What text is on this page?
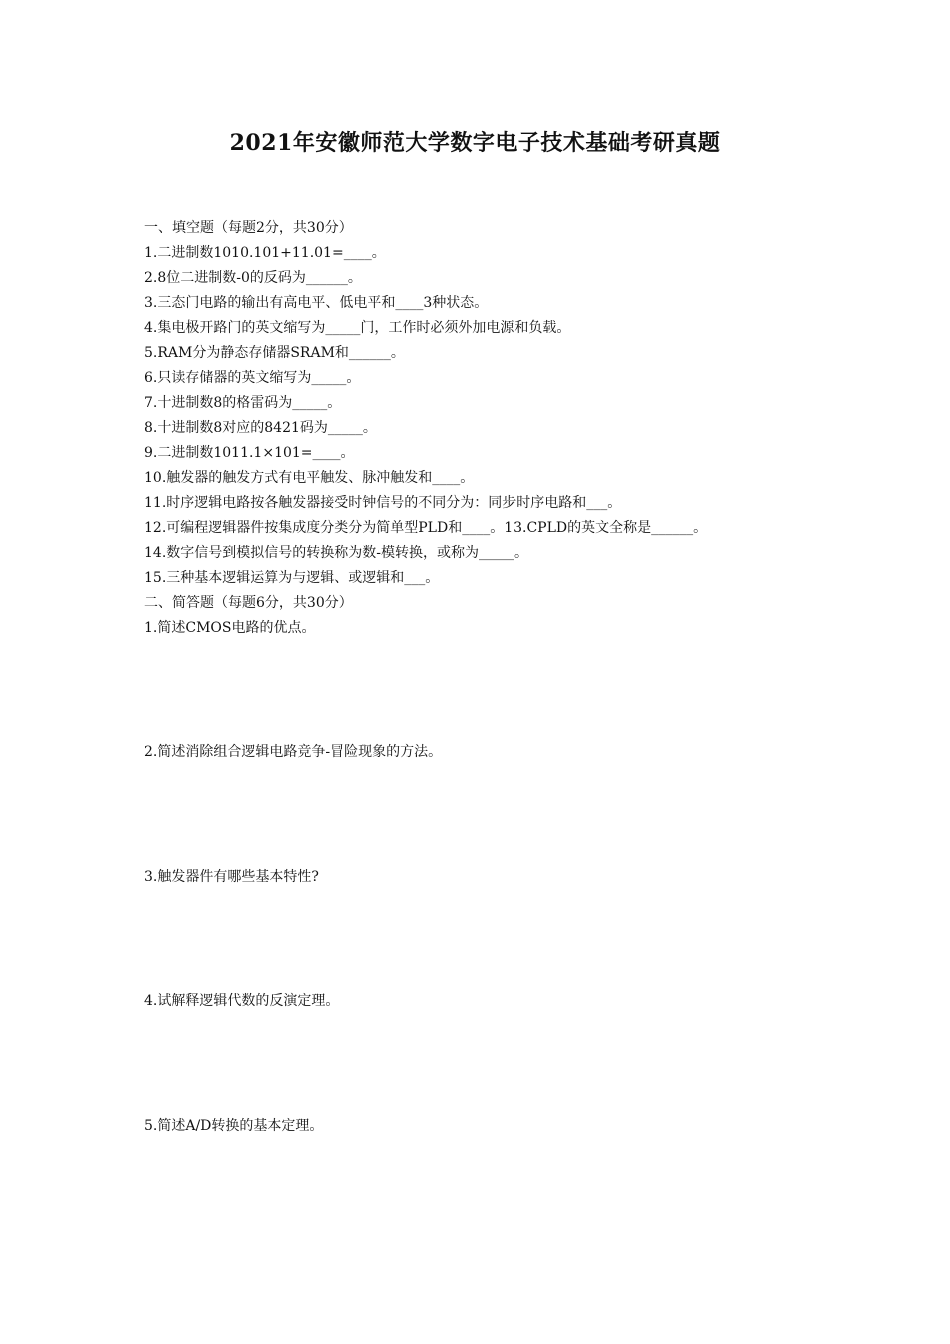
2021年安徽师范大学数字电子技术基础考研真题
一、填空题（每题2分，共30分）
1.二进制数1010.101+11.01=____。
2.8位二进制数-0的反码为______。
3.三态门电路的输出有高电平、低电平和____3种状态。
4.集电极开路门的英文缩写为_____门，工作时必须外加电源和负载。
5.RAM分为静态存储器SRAM和______。
6.只读存储器的英文缩写为_____。
7.十进制数8的格雷码为_____。
8.十进制数8对应的8421码为_____。
9.二进制数1011.1×101=____。
10.触发器的触发方式有电平触发、脉冲触发和____。
11.时序逻辑电路按各触发器接受时钟信号的不同分为：同步时序电路和___。
12.可编程逻辑器件按集成度分类分为简单型PLD和____。13.CPLD的英文全称是______。
14.数字信号到模拟信号的转换称为数-模转换，或称为_____。
15.三种基本逻辑运算为与逻辑、或逻辑和___。
二、简答题（每题6分，共30分）
1.简述CMOS电路的优点。
2.简述消除组合逻辑电路竞争-冒险现象的方法。
3.触发器件有哪些基本特性?
4.试解释逻辑代数的反演定理。
5.简述A/D转换的基本定理。
